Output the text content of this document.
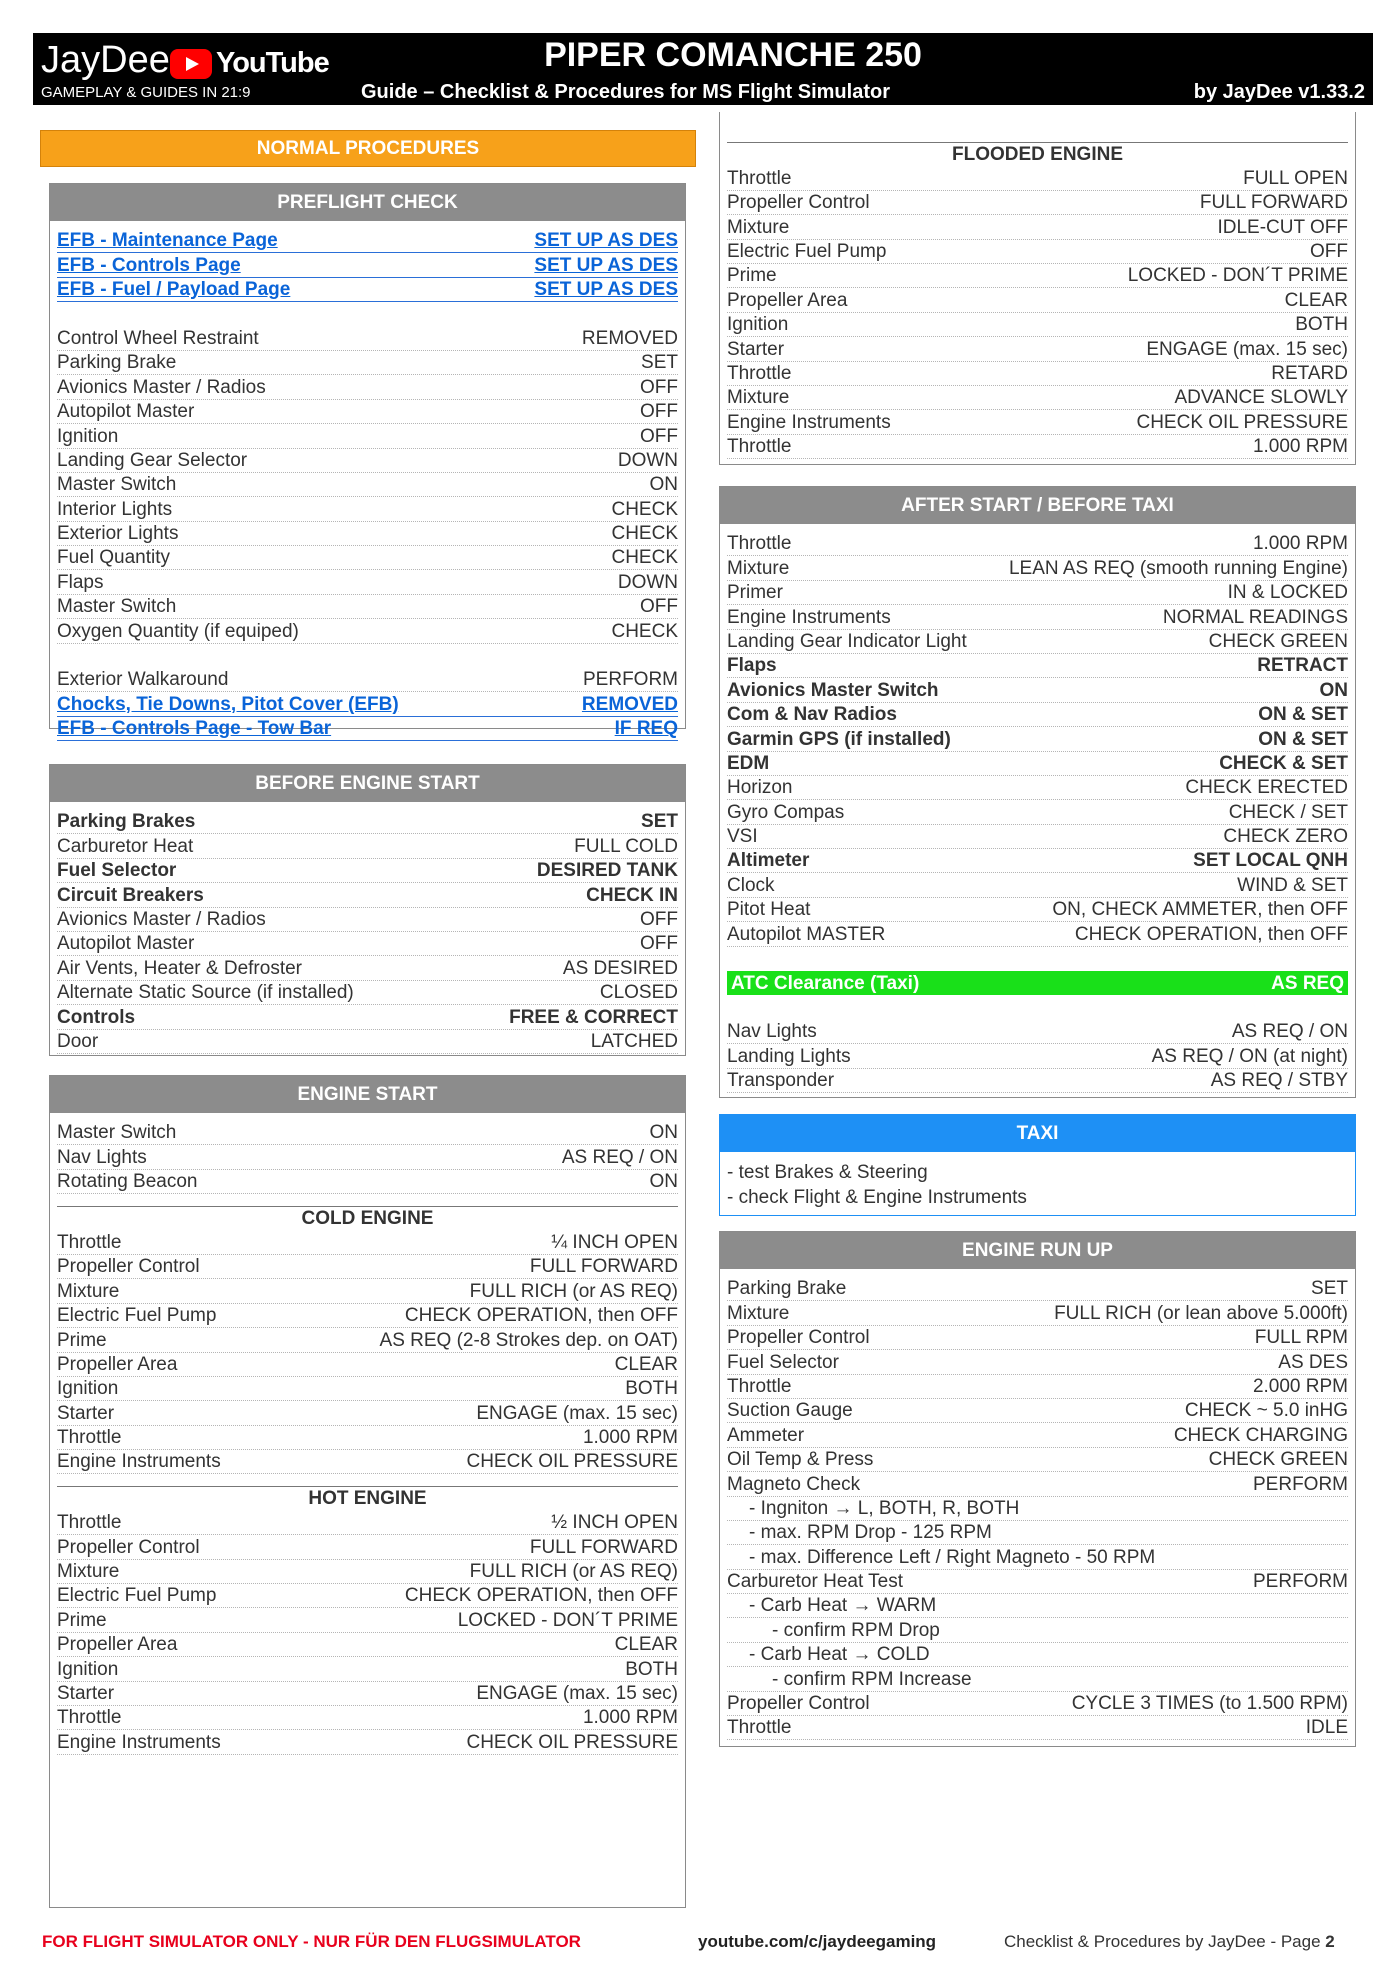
JayDee YouTube
GAMEPLAY & GUIDES IN 21:9
PIPER COMANCHE 250
Guide – Checklist & Procedures for MS Flight Simulator	by JayDee v1.33.2
NORMAL PROCEDURES
PREFLIGHT CHECK
EFB - Maintenance Page	SET UP AS DES
EFB - Controls Page	SET UP AS DES
EFB - Fuel / Payload Page	SET UP AS DES
Control Wheel Restraint	REMOVED
Parking Brake	SET
Avionics Master / Radios	OFF
Autopilot Master	OFF
Ignition	OFF
Landing Gear Selector	DOWN
Master Switch	ON
Interior Lights	CHECK
Exterior Lights	CHECK
Fuel Quantity	CHECK
Flaps	DOWN
Master Switch	OFF
Oxygen Quantity (if equiped)	CHECK
Exterior Walkaround	PERFORM
Chocks, Tie Downs, Pitot Cover (EFB)	REMOVED
EFB - Controls Page - Tow Bar	IF REQ
BEFORE ENGINE START
Parking Brakes	SET
Carburetor Heat	FULL COLD
Fuel Selector	DESIRED TANK
Circuit Breakers	CHECK IN
Avionics Master / Radios	OFF
Autopilot Master	OFF
Air Vents, Heater & Defroster	AS DESIRED
Alternate Static Source (if installed)	CLOSED
Controls	FREE & CORRECT
Door	LATCHED
ENGINE START
Master Switch	ON
Nav Lights	AS REQ / ON
Rotating Beacon	ON
COLD ENGINE
Throttle	¼ INCH OPEN
Propeller Control	FULL FORWARD
Mixture	FULL RICH (or AS REQ)
Electric Fuel Pump	CHECK OPERATION, then OFF
Prime	AS REQ (2-8 Strokes dep. on OAT)
Propeller Area	CLEAR
Ignition	BOTH
Starter	ENGAGE (max. 15 sec)
Throttle	1.000 RPM
Engine Instruments	CHECK OIL PRESSURE
HOT ENGINE
Throttle	½ INCH OPEN
Propeller Control	FULL FORWARD
Mixture	FULL RICH (or AS REQ)
Electric Fuel Pump	CHECK OPERATION, then OFF
Prime	LOCKED - DON´T PRIME
Propeller Area	CLEAR
Ignition	BOTH
Starter	ENGAGE (max. 15 sec)
Throttle	1.000 RPM
Engine Instruments	CHECK OIL PRESSURE
FLOODED ENGINE
Throttle	FULL OPEN
Propeller Control	FULL FORWARD
Mixture	IDLE-CUT OFF
Electric Fuel Pump	OFF
Prime	LOCKED - DON´T PRIME
Propeller Area	CLEAR
Ignition	BOTH
Starter	ENGAGE (max. 15 sec)
Throttle	RETARD
Mixture	ADVANCE SLOWLY
Engine Instruments	CHECK OIL PRESSURE
Throttle	1.000 RPM
AFTER START / BEFORE TAXI
Throttle	1.000 RPM
Mixture	LEAN AS REQ (smooth running Engine)
Primer	IN & LOCKED
Engine Instruments	NORMAL READINGS
Landing Gear Indicator Light	CHECK GREEN
Flaps	RETRACT
Avionics Master Switch	ON
Com & Nav Radios	ON & SET
Garmin GPS (if installed)	ON & SET
EDM	CHECK & SET
Horizon	CHECK ERECTED
Gyro Compas	CHECK / SET
VSI	CHECK ZERO
Altimeter	SET LOCAL QNH
Clock	WIND & SET
Pitot Heat	ON, CHECK AMMETER, then OFF
Autopilot MASTER	CHECK OPERATION, then OFF
ATC Clearance (Taxi)	AS REQ
Nav Lights	AS REQ / ON
Landing Lights	AS REQ / ON (at night)
Transponder	AS REQ / STBY
TAXI
- test Brakes & Steering
- check Flight & Engine Instruments
ENGINE RUN UP
Parking Brake	SET
Mixture	FULL RICH (or lean above 5.000ft)
Propeller Control	FULL RPM
Fuel Selector	AS DES
Throttle	2.000 RPM
Suction Gauge	CHECK ~ 5.0 inHG
Ammeter	CHECK CHARGING
Oil Temp & Press	CHECK GREEN
Magneto Check	PERFORM
- Ingniton → L, BOTH, R, BOTH
- max. RPM Drop - 125 RPM
- max. Difference Left / Right Magneto - 50 RPM
Carburetor Heat Test	PERFORM
- Carb Heat → WARM
- confirm RPM Drop
- Carb Heat → COLD
- confirm RPM Increase
Propeller Control	CYCLE 3 TIMES (to 1.500 RPM)
Throttle	IDLE
FOR FLIGHT SIMULATOR ONLY - NUR FÜR DEN FLUGSIMULATOR	youtube.com/c/jaydeegaming	Checklist & Procedures by JayDee - Page 2
